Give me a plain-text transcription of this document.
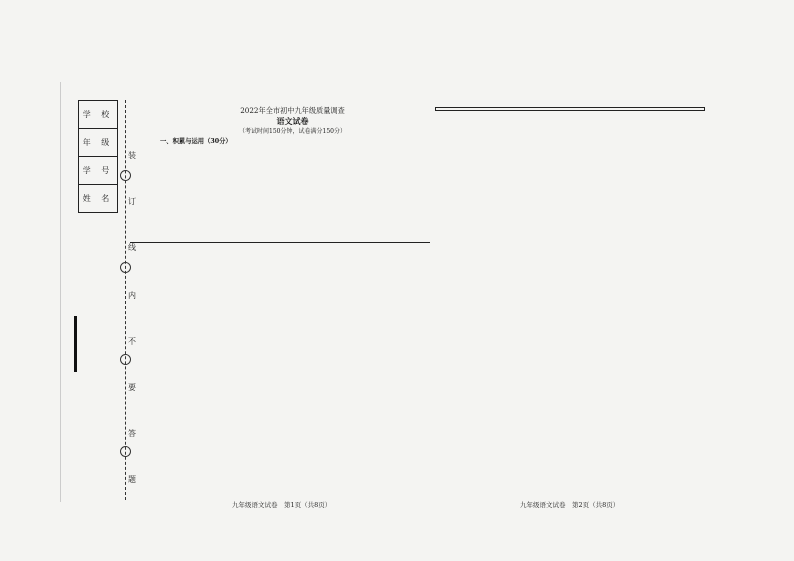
学 校
年 级
学 号
姓 名
装
订
线
内
不
要
答
题
2022年全市初中九年级质量调查
语文试卷
（考试时间150分钟，试卷满分150分）
一、积累与运用（30分）
九年级语文试卷　第1页（共8页）	九年级语文试卷　第2页（共8页）
